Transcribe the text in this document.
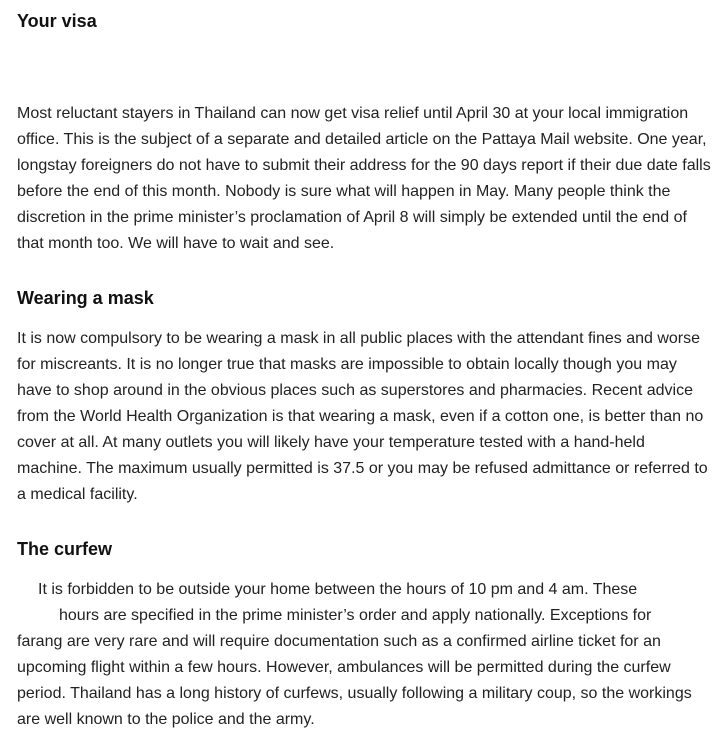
Your visa

Most reluctant stayers in Thailand can now get visa relief until April 30 at your local immigration office. This is the subject of a separate and detailed article on the Pattaya Mail website. One year, longstay foreigners do not have to submit their address for the 90 days report if their due date falls before the end of this month. Nobody is sure what will happen in May. Many people think the discretion in the prime minister’s proclamation of April 8 will simply be extended until the end of that month too. We will have to wait and see.

Wearing a mask

It is now compulsory to be wearing a mask in all public places with the attendant fines and worse for miscreants. It is no longer true that masks are impossible to obtain locally though you may have to shop around in the obvious places such as superstores and pharmacies. Recent advice from the World Health Organization is that wearing a mask, even if a cotton one, is better than no cover at all. At many outlets you will likely have your temperature tested with a hand-held machine. The maximum usually permitted is 37.5 or you may be refused admittance or referred to a medical facility.

The curfew

It is forbidden to be outside your home between the hours of 10 pm and 4 am. These
hours are specified in the prime minister’s order and apply nationally. Exceptions for
farang are very rare and will require documentation such as a confirmed airline ticket for an upcoming flight within a few hours. However, ambulances will be permitted during the curfew period. Thailand has a long history of curfews, usually following a military coup, so the workings are well known to the police and the army.
